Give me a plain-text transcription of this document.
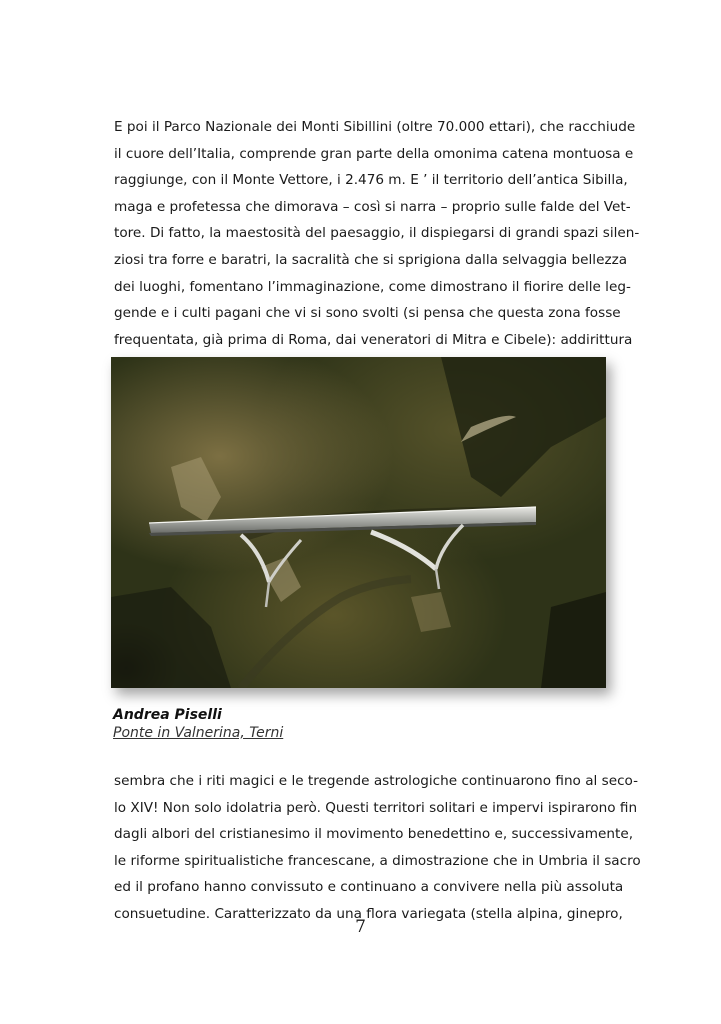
E poi il Parco Nazionale dei Monti Sibillini (oltre 70.000 ettari), che racchiude
il cuore dell’Italia, comprende gran parte della omonima catena montuosa e
raggiunge, con il Monte Vettore, i 2.476 m. E ’ il territorio dell’antica Sibilla,
maga e profetessa che dimorava – così si narra – proprio sulle falde del Vet-
tore. Di fatto, la maestosità del paesaggio, il dispiegarsi di grandi spazi silen-
ziosi tra forre e baratri, la sacralità che si sprigiona dalla selvaggia bellezza
dei luoghi, fomentano l’immaginazione, come dimostrano il fiorire delle leg-
gende e i culti pagani che vi si sono svolti (si pensa che questa zona fosse
frequentata, già prima di Roma, dai veneratori di Mitra e Cibele): addirittura
Andrea Piselli
Ponte in Valnerina, Terni
sembra che i riti magici e le tregende astrologiche continuarono fino al seco-
lo XIV! Non solo idolatria però. Questi territori solitari e impervi ispirarono fin
dagli albori del cristianesimo il movimento benedettino e, successivamente,
le riforme spiritualistiche francescane, a dimostrazione che in Umbria il sacro
ed il profano hanno convissuto e continuano a convivere nella più assoluta
consuetudine. Caratterizzato da una flora variegata (stella alpina, ginepro,
7
